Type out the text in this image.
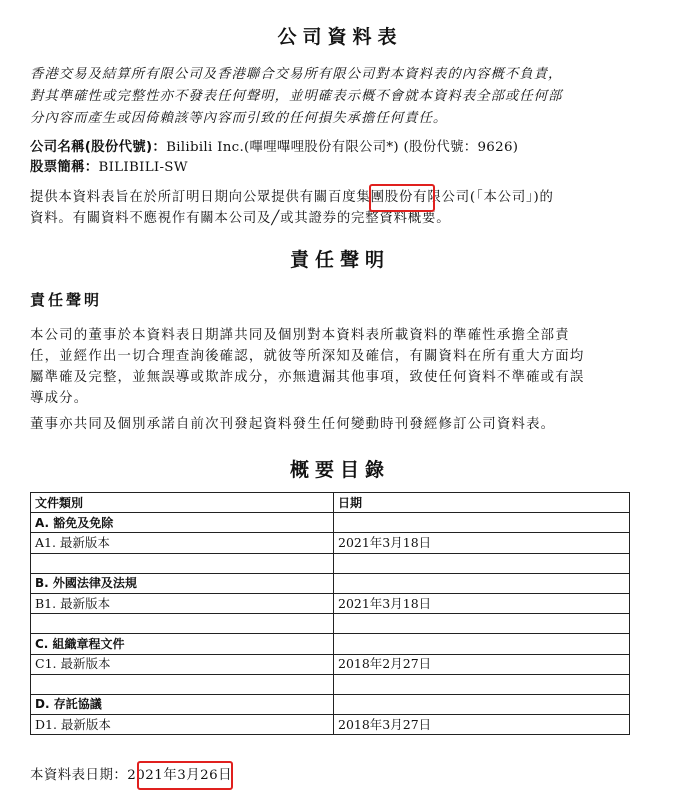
公司資料表
香港交易及結算所有限公司及香港聯合交易所有限公司對本資料表的內容概不負責，
對其準確性或完整性亦不發表任何聲明，並明確表示概不會就本資料表全部或任何部
分內容而產生或因倚賴該等內容而引致的任何損失承擔任何責任。
公司名稱(股份代號)：Bilibili Inc.(嗶哩嗶哩股份有限公司*) (股份代號：9626)
股票簡稱：BILIBILI-SW
提供本資料表旨在於所訂明日期向公眾提供有關百度集團股份有限公司(「本公司」)的
資料。有關資料不應視作有關本公司及╱或其證券的完整資料概要。
責任聲明
責任聲明
本公司的董事於本資料表日期諽共同及個別對本資料表所載資料的準確性承擔全部責
任，並經作出一切合理查詢後確認，就彼等所深知及確信，有關資料在所有重大方面均
屬準確及完整，並無誤導或欺詐成分，亦無遺漏其他事項，致使任何資料不準確或有誤
導成分。
董事亦共同及個別承諾自前次刊發起資料發生任何變動時刊發經修訂公司資料表。
概要目錄
文件類別	日期
A. 豁免及免除	
A1. 最新版本	2021年3月18日

B. 外國法律及法規	
B1. 最新版本	2021年3月18日

C. 組織章程文件	
C1. 最新版本	2018年2月27日

D. 存託協議	
D1. 最新版本	2018年3月27日
本資料表日期：2021年3月26日
